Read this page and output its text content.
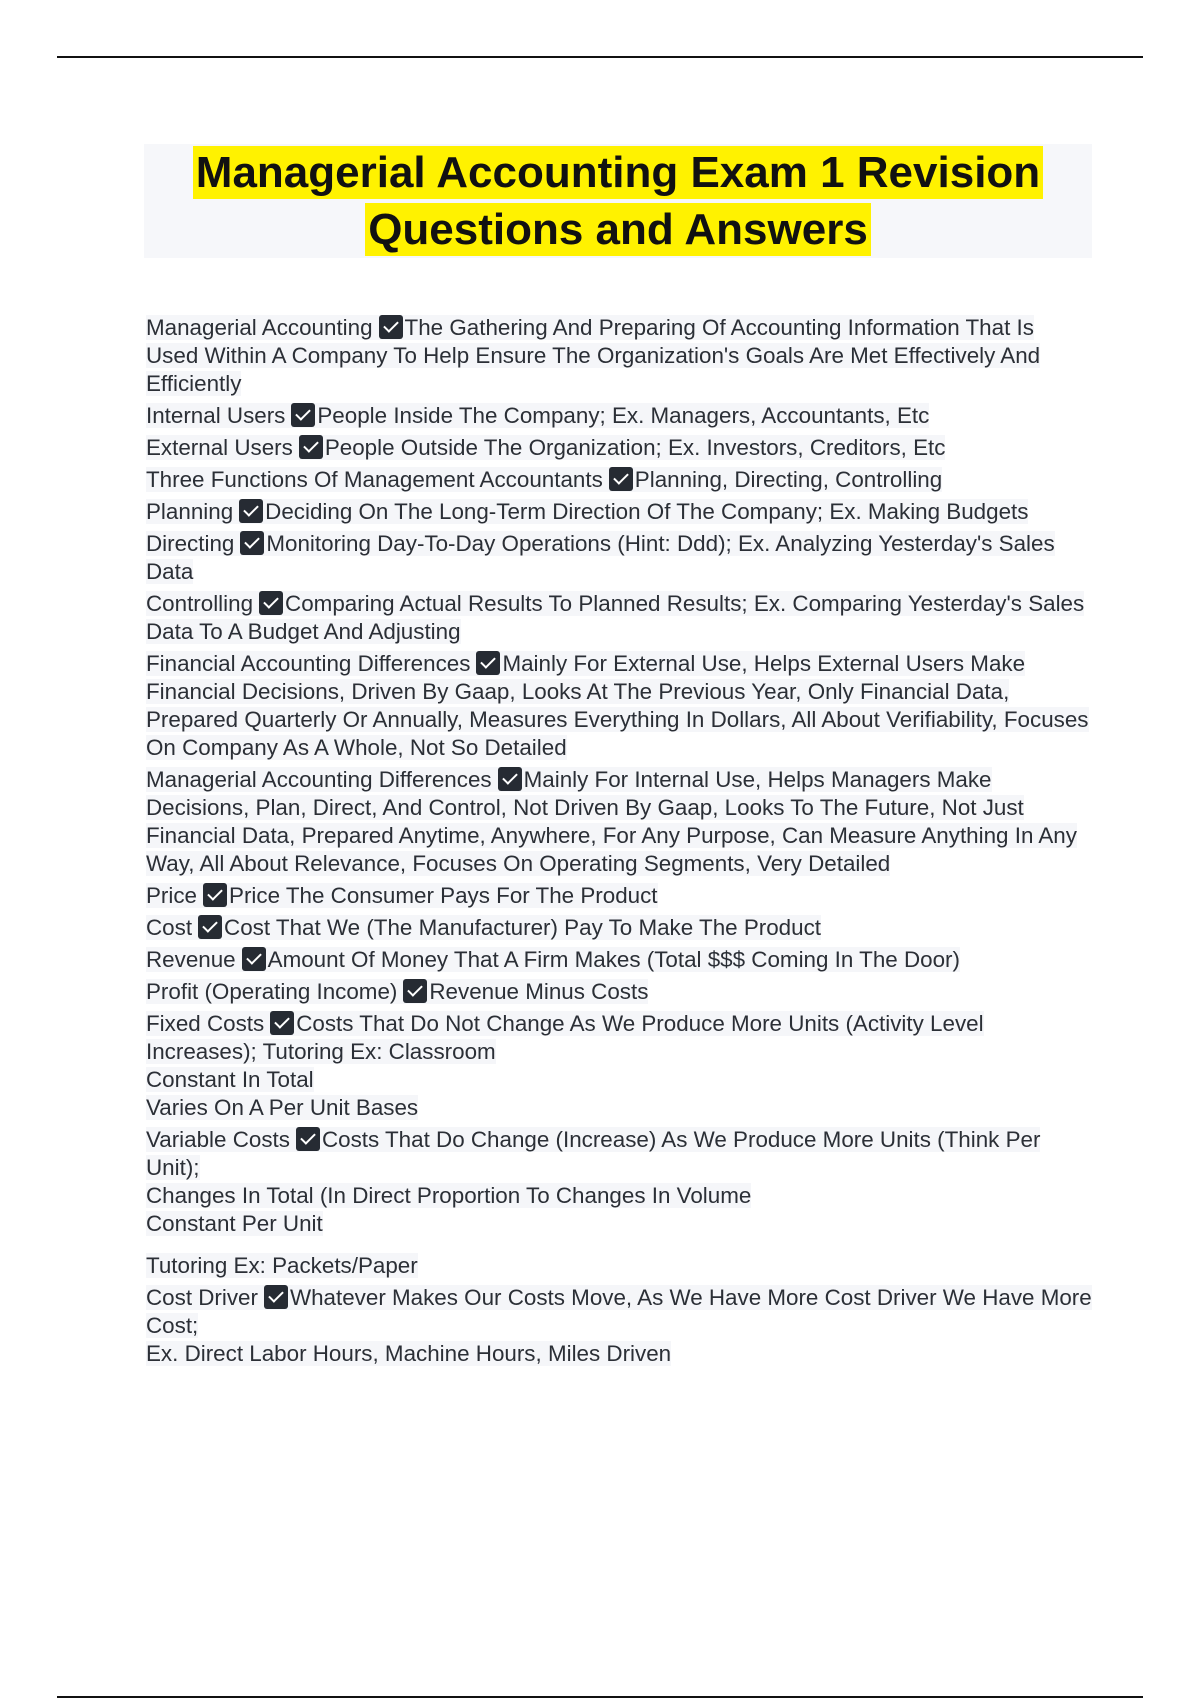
Managerial Accounting Exam 1 Revision
Questions and Answers
Managerial Accounting The Gathering And Preparing Of Accounting Information That Is Used Within A Company To Help Ensure The Organization's Goals Are Met Effectively And Efficiently
Internal Users People Inside The Company; Ex. Managers, Accountants, Etc
External Users People Outside The Organization; Ex. Investors, Creditors, Etc
Three Functions Of Management Accountants Planning, Directing, Controlling
Planning Deciding On The Long-Term Direction Of The Company; Ex. Making Budgets
Directing Monitoring Day-To-Day Operations (Hint: Ddd); Ex. Analyzing Yesterday's Sales Data
Controlling Comparing Actual Results To Planned Results; Ex. Comparing Yesterday's Sales Data To A Budget And Adjusting
Financial Accounting Differences Mainly For External Use, Helps External Users Make Financial Decisions, Driven By Gaap, Looks At The Previous Year, Only Financial Data, Prepared Quarterly Or Annually, Measures Everything In Dollars, All About Verifiability, Focuses On Company As A Whole, Not So Detailed
Managerial Accounting Differences Mainly For Internal Use, Helps Managers Make Decisions, Plan, Direct, And Control, Not Driven By Gaap, Looks To The Future, Not Just Financial Data, Prepared Anytime, Anywhere, For Any Purpose, Can Measure Anything In Any Way, All About Relevance, Focuses On Operating Segments, Very Detailed
Price Price The Consumer Pays For The Product
Cost Cost That We (The Manufacturer) Pay To Make The Product
Revenue Amount Of Money That A Firm Makes (Total $$$ Coming In The Door)
Profit (Operating Income) Revenue Minus Costs
Fixed Costs Costs That Do Not Change As We Produce More Units (Activity Level Increases); Tutoring Ex: Classroom
Constant In Total
Varies On A Per Unit Bases
Variable Costs Costs That Do Change (Increase) As We Produce More Units (Think Per Unit);
Changes In Total (In Direct Proportion To Changes In Volume
Constant Per Unit
Tutoring Ex: Packets/Paper
Cost Driver Whatever Makes Our Costs Move, As We Have More Cost Driver We Have More Cost;
Ex. Direct Labor Hours, Machine Hours, Miles Driven
